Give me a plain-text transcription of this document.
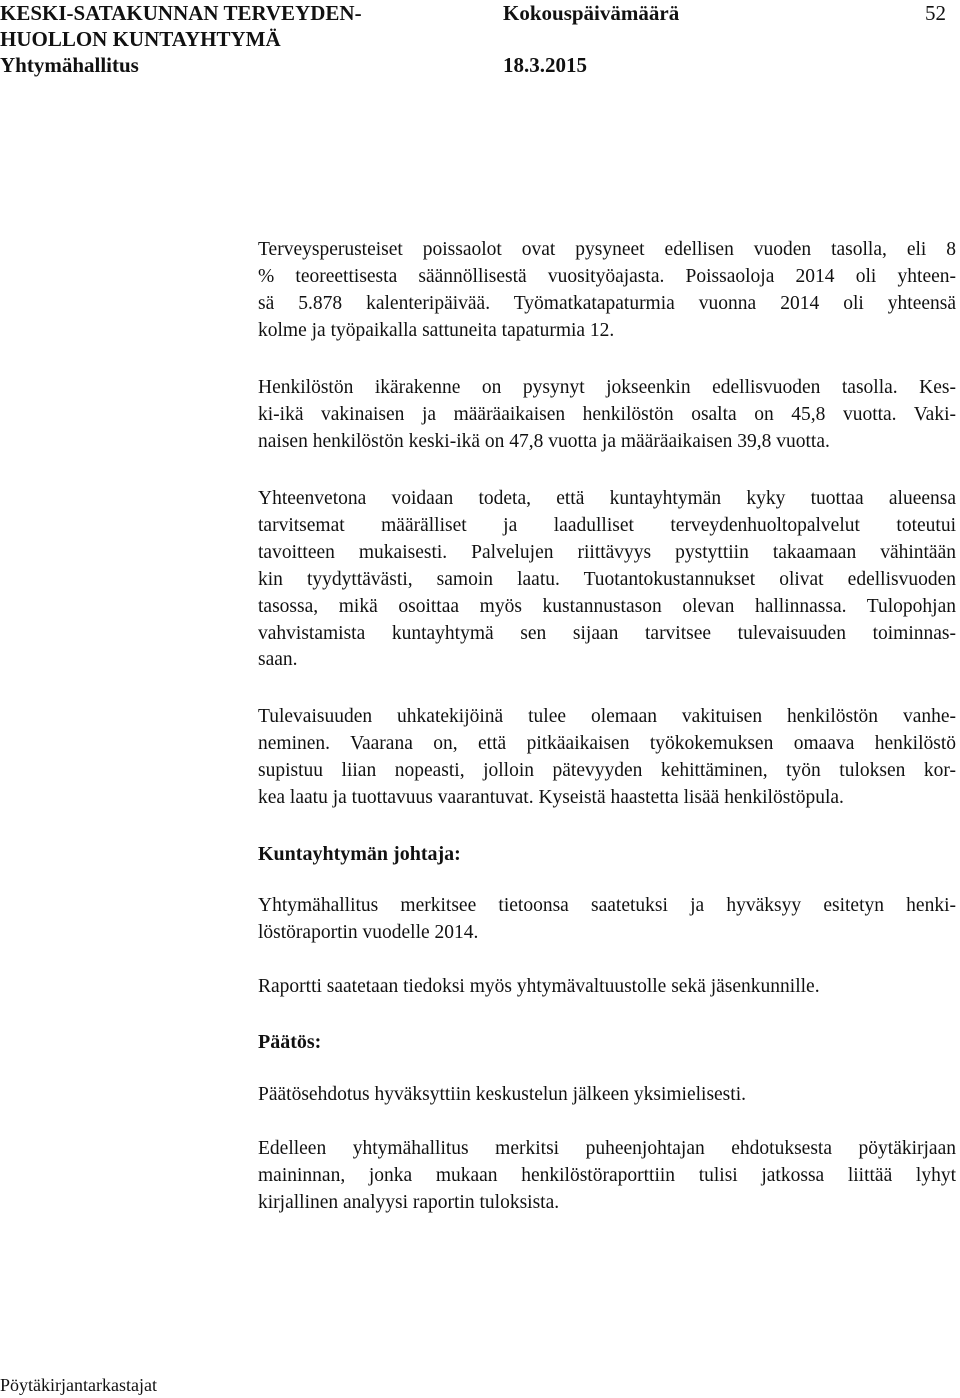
KESKI-SATAKUNNAN TERVEYDEN-
HUOLLON KUNTAYHTYMÄ
Yhtymähallitus
Kokouspäivämäärä
18.3.2015
52
Terveysperusteiset poissaolot ovat pysyneet edellisen vuoden tasolla, eli 8
% teoreettisesta säännöllisestä vuosityöajasta. Poissaoloja 2014 oli yhteen-
sä 5.878 kalenteripäivää. Työmatkatapaturmia vuonna 2014 oli yhteensä
kolme ja työpaikalla sattuneita tapaturmia 12.
Henkilöstön ikärakenne on pysynyt jokseenkin edellisvuoden tasolla. Kes-
ki-ikä vakinaisen ja määräaikaisen henkilöstön osalta on 45,8 vuotta. Vaki-
naisen henkilöstön keski-ikä on 47,8 vuotta ja määräaikaisen 39,8 vuotta.
Yhteenvetona voidaan todeta, että kuntayhtymän kyky tuottaa alueensa
tarvitsemat määrälliset ja laadulliset terveydenhuoltopalvelut toteutui
tavoitteen mukaisesti. Palvelujen riittävyys pystyttiin takaamaan vähintään
kin tyydyttävästi, samoin laatu. Tuotantokustannukset olivat edellisvuoden
tasossa, mikä osoittaa myös kustannustason olevan hallinnassa. Tulopohjan
vahvistamista kuntayhtymä sen sijaan tarvitsee tulevaisuuden toiminnas-
saan.
Tulevaisuuden uhkatekijöinä tulee olemaan vakituisen henkilöstön vanhe-
neminen. Vaarana on, että pitkäaikaisen työkokemuksen omaava henkilöstö
supistuu liian nopeasti, jolloin pätevyyden kehittäminen, työn tuloksen kor-
kea laatu ja tuottavuus vaarantuvat. Kyseistä haastetta lisää henkilöstöpula.
Kuntayhtymän johtaja:
Yhtymähallitus merkitsee tietoonsa saatetuksi ja hyväksyy esitetyn henki-
löstöraportin vuodelle 2014.
Raportti saatetaan tiedoksi myös yhtymävaltuustolle sekä jäsenkunnille.
Päätös:
Päätösehdotus hyväksyttiin keskustelun jälkeen yksimielisesti.
Edelleen yhtymähallitus merkitsi puheenjohtajan ehdotuksesta pöytäkirjaan
maininnan, jonka mukaan henkilöstöraporttiin tulisi jatkossa liittää lyhyt
kirjallinen analyysi raportin tuloksista.
Pöytäkirjantarkastajat
